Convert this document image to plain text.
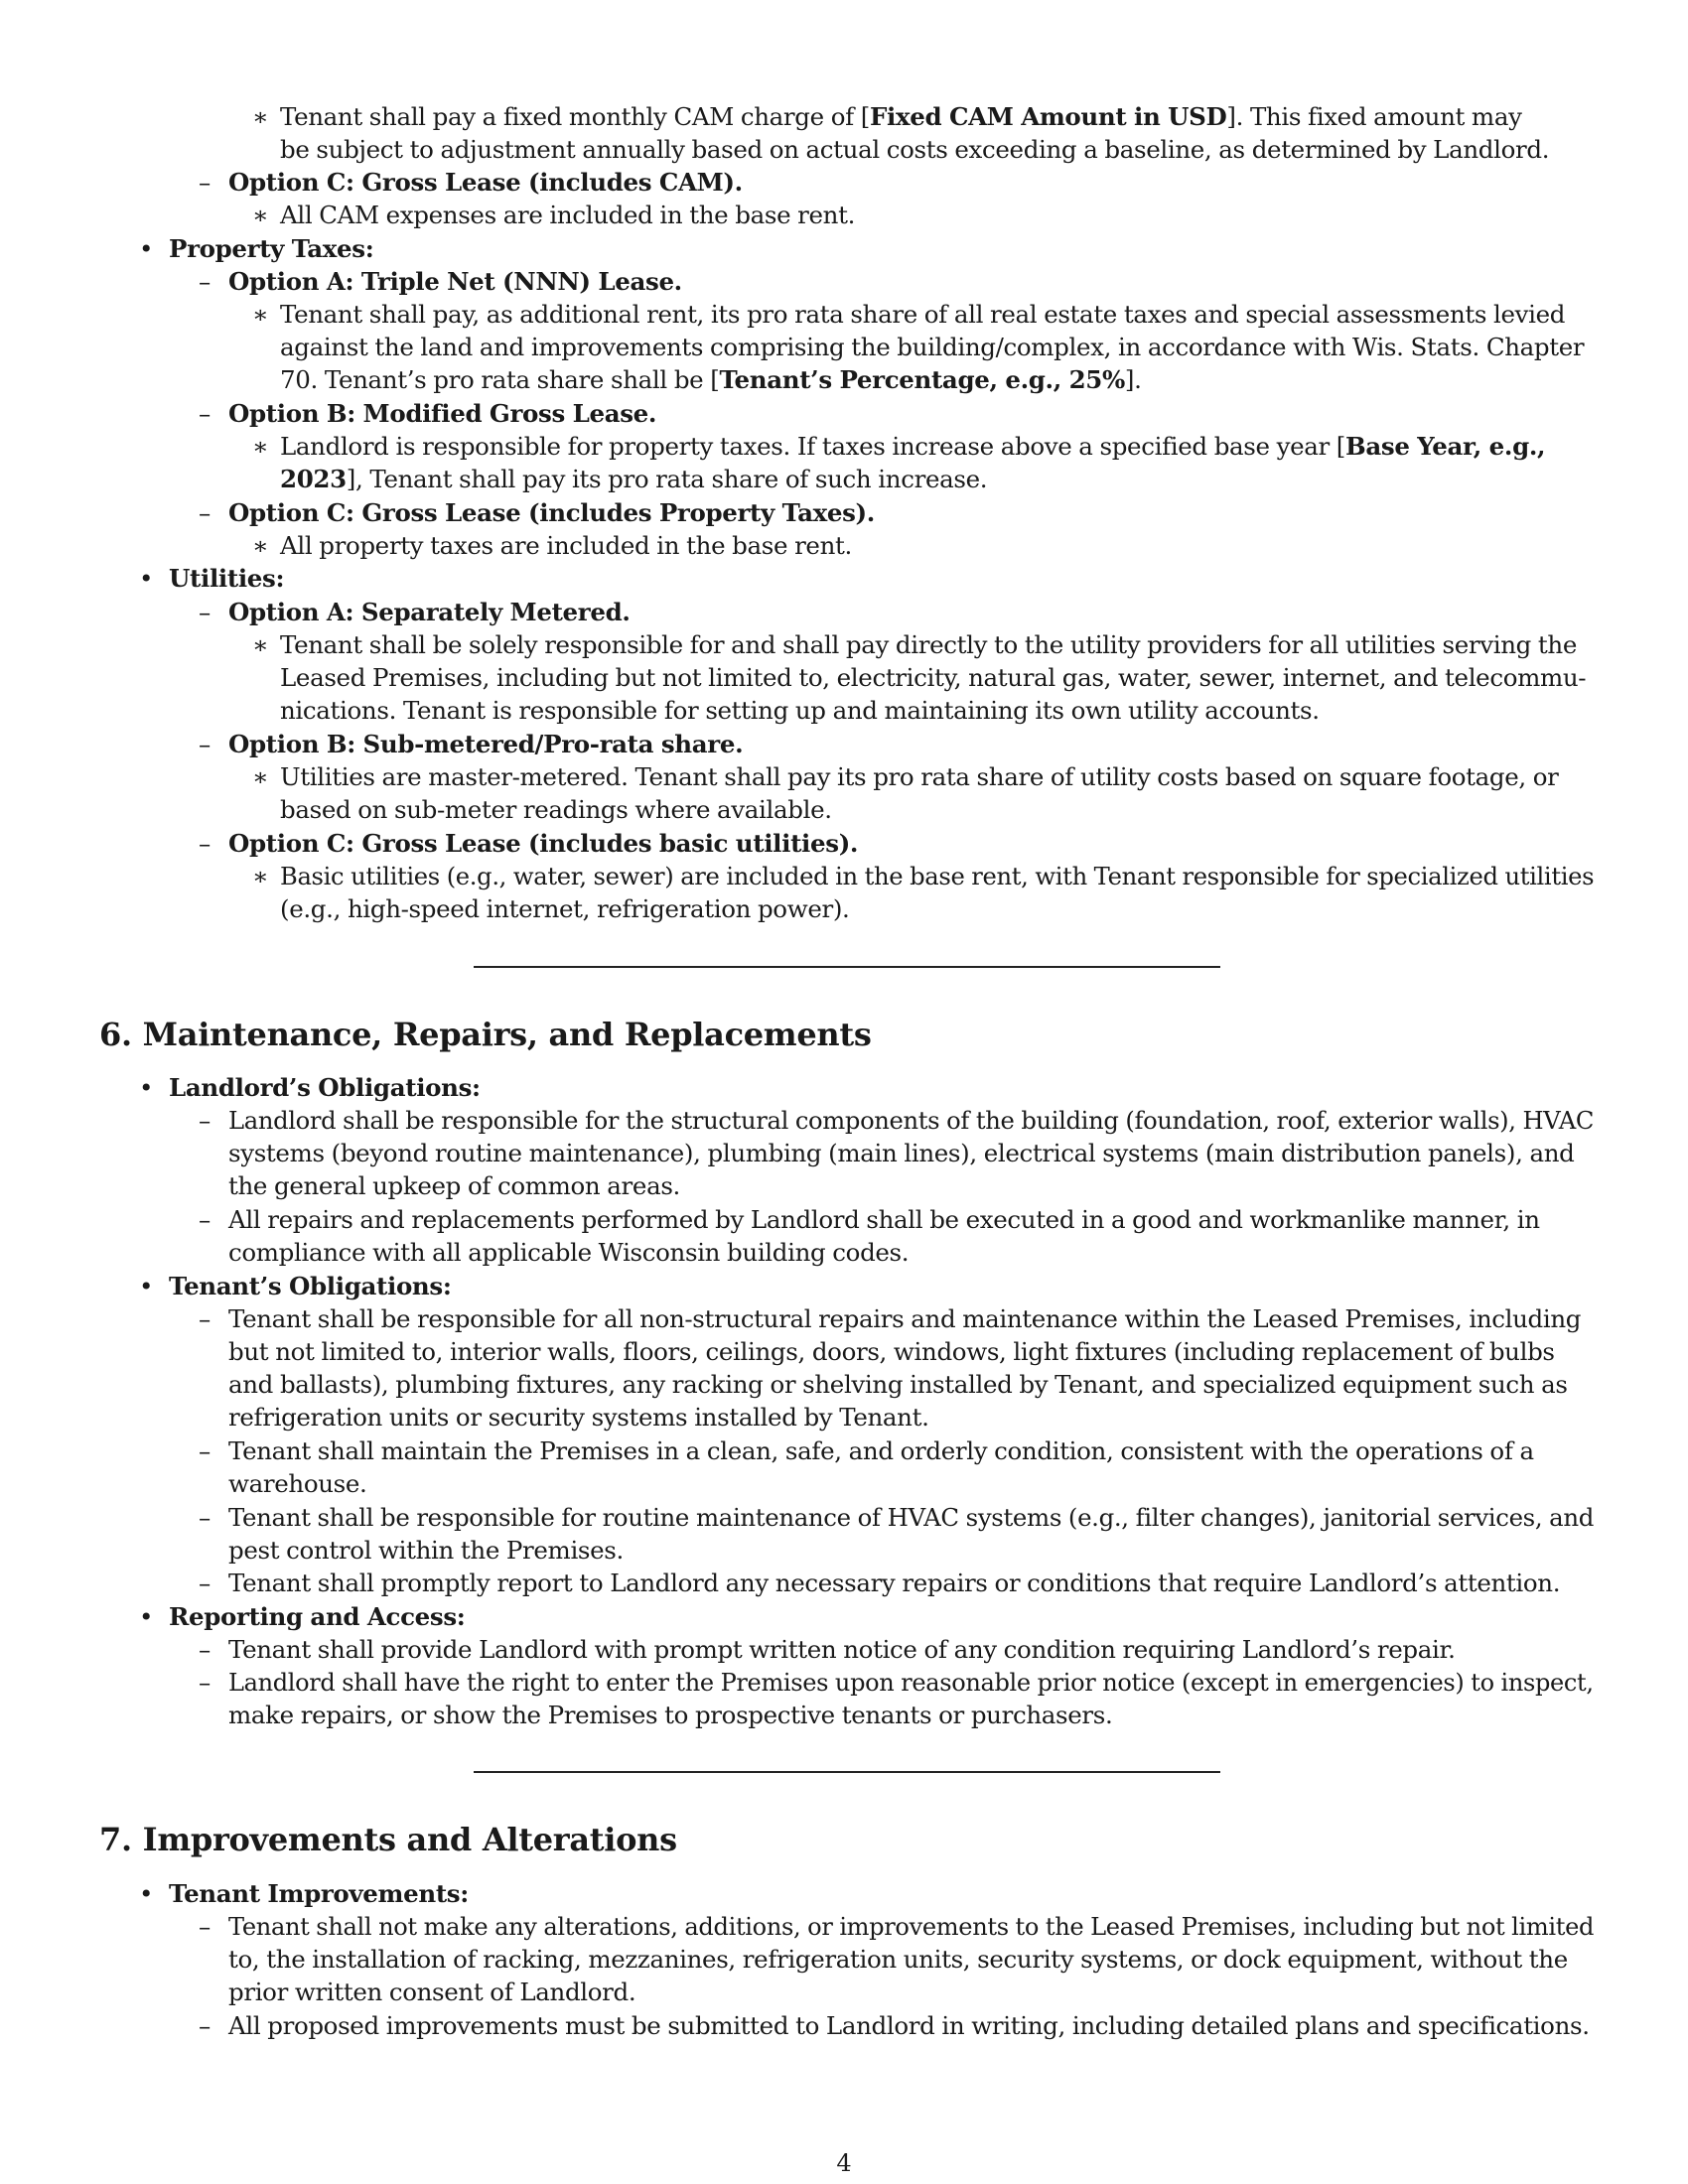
∗ Tenant shall pay a fixed monthly CAM charge of [Fixed CAM Amount in USD]. This fixed amount may
be subject to adjustment annually based on actual costs exceeding a baseline, as determined by Landlord.
– Option C: Gross Lease (includes CAM).
∗ All CAM expenses are included in the base rent.
• Property Taxes:
– Option A: Triple Net (NNN) Lease.
∗ Tenant shall pay, as additional rent, its pro rata share of all real estate taxes and special assessments levied
against the land and improvements comprising the building/complex, in accordance with Wis. Stats. Chapter
70. Tenant’s pro rata share shall be [Tenant’s Percentage, e.g., 25%].
– Option B: Modified Gross Lease.
∗ Landlord is responsible for property taxes. If taxes increase above a specified base year [Base Year, e.g.,
2023], Tenant shall pay its pro rata share of such increase.
– Option C: Gross Lease (includes Property Taxes).
∗ All property taxes are included in the base rent.
• Utilities:
– Option A: Separately Metered.
∗ Tenant shall be solely responsible for and shall pay directly to the utility providers for all utilities serving the
Leased Premises, including but not limited to, electricity, natural gas, water, sewer, internet, and telecommu-
nications. Tenant is responsible for setting up and maintaining its own utility accounts.
– Option B: Sub-metered/Pro-rata share.
∗ Utilities are master-metered. Tenant shall pay its pro rata share of utility costs based on square footage, or
based on sub-meter readings where available.
– Option C: Gross Lease (includes basic utilities).
∗ Basic utilities (e.g., water, sewer) are included in the base rent, with Tenant responsible for specialized utilities
(e.g., high-speed internet, refrigeration power).
6. Maintenance, Repairs, and Replacements
• Landlord’s Obligations:
– Landlord shall be responsible for the structural components of the building (foundation, roof, exterior walls), HVAC
systems (beyond routine maintenance), plumbing (main lines), electrical systems (main distribution panels), and
the general upkeep of common areas.
– All repairs and replacements performed by Landlord shall be executed in a good and workmanlike manner, in
compliance with all applicable Wisconsin building codes.
• Tenant’s Obligations:
– Tenant shall be responsible for all non-structural repairs and maintenance within the Leased Premises, including
but not limited to, interior walls, floors, ceilings, doors, windows, light fixtures (including replacement of bulbs
and ballasts), plumbing fixtures, any racking or shelving installed by Tenant, and specialized equipment such as
refrigeration units or security systems installed by Tenant.
– Tenant shall maintain the Premises in a clean, safe, and orderly condition, consistent with the operations of a
warehouse.
– Tenant shall be responsible for routine maintenance of HVAC systems (e.g., filter changes), janitorial services, and
pest control within the Premises.
– Tenant shall promptly report to Landlord any necessary repairs or conditions that require Landlord’s attention.
• Reporting and Access:
– Tenant shall provide Landlord with prompt written notice of any condition requiring Landlord’s repair.
– Landlord shall have the right to enter the Premises upon reasonable prior notice (except in emergencies) to inspect,
make repairs, or show the Premises to prospective tenants or purchasers.
7. Improvements and Alterations
• Tenant Improvements:
– Tenant shall not make any alterations, additions, or improvements to the Leased Premises, including but not limited
to, the installation of racking, mezzanines, refrigeration units, security systems, or dock equipment, without the
prior written consent of Landlord.
– All proposed improvements must be submitted to Landlord in writing, including detailed plans and specifications.
4
